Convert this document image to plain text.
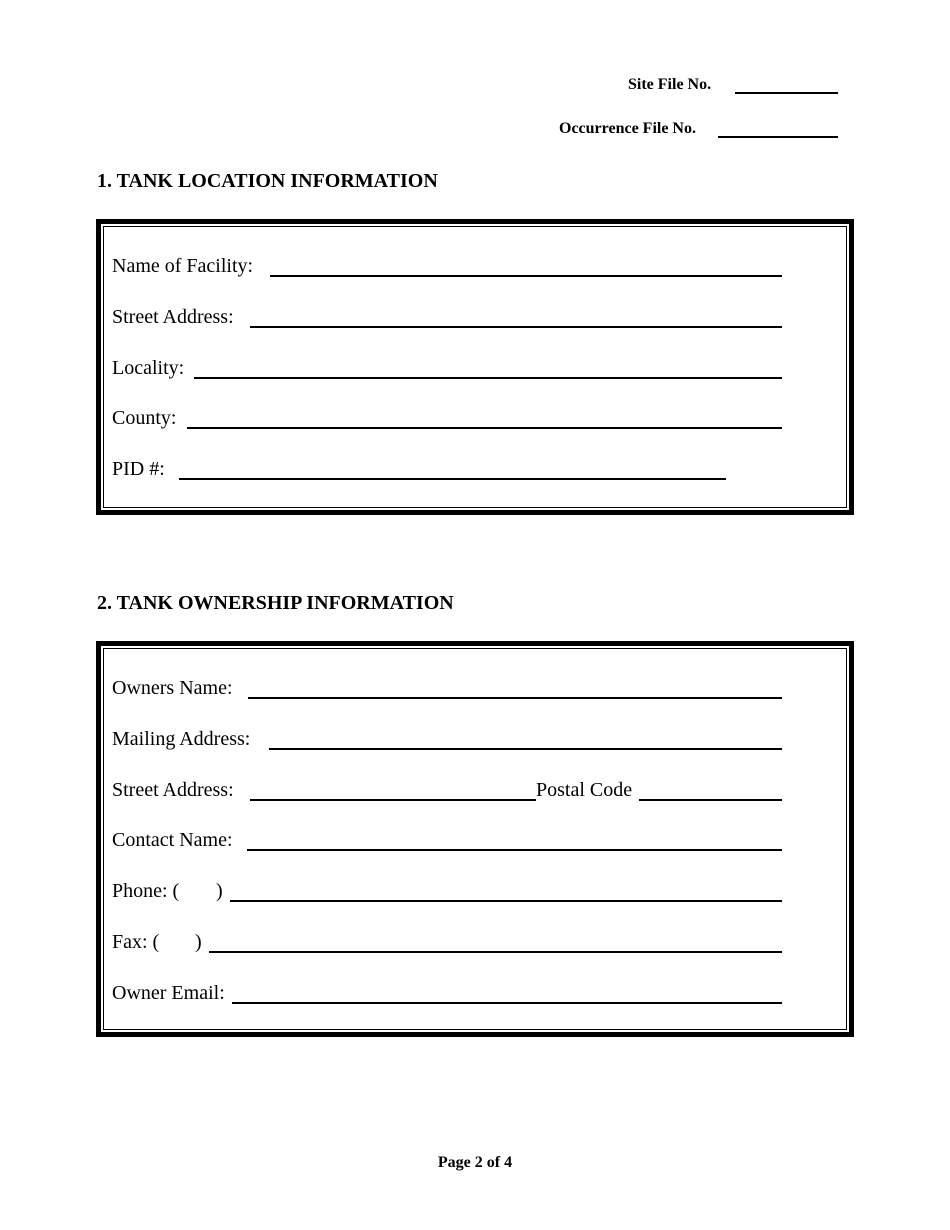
Site File No.
Occurrence File No.
1. TANK LOCATION INFORMATION
Name of Facility:
Street Address:
Locality:
County:
PID #:
2. TANK OWNERSHIP INFORMATION
Owners Name:
Mailing Address:
Street Address:	Postal Code
Contact Name:
Phone: ( )
Fax: ( )
Owner Email:
Page 2 of 4
